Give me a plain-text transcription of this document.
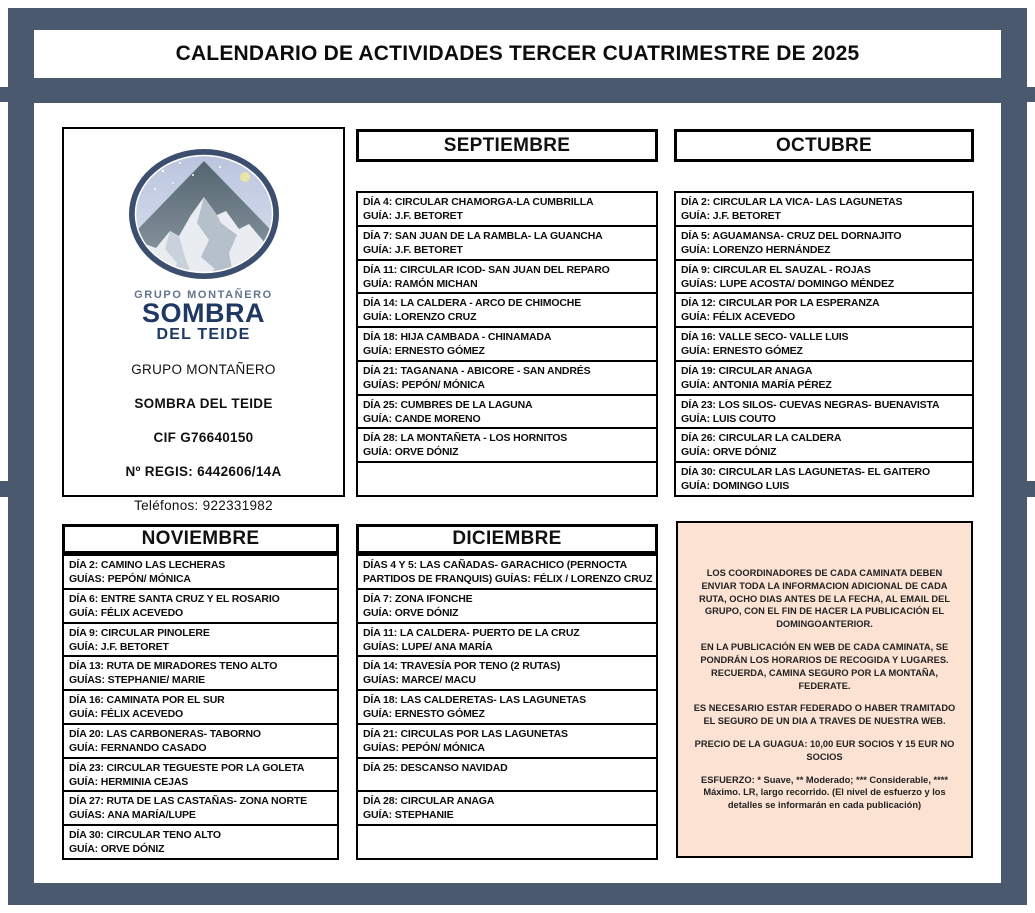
CALENDARIO DE ACTIVIDADES TERCER CUATRIMESTRE DE 2025
GRUPO MONTAÑERO
SOMBRA
DEL TEIDE
GRUPO MONTAÑERO
SOMBRA DEL TEIDE
CIF G76640150
Nº REGIS: 6442606/14A
Teléfonos: 922331982
SEPTIEMBRE	OCTUBRE
NOVIEMBRE	DICIEMBRE
DÍA 4: CIRCULAR CHAMORGA-LA CUMBRILLA
GUÍA: J.F. BETORET
DÍA 7: SAN JUAN DE LA RAMBLA- LA GUANCHA
GUÍA: J.F. BETORET
DÍA 11: CIRCULAR ICOD- SAN JUAN DEL REPARO
GUÍA: RAMÓN MICHAN
DÍA 14: LA CALDERA - ARCO DE CHIMOCHE
GUÍA: LORENZO CRUZ
DÍA 18: HIJA CAMBADA - CHINAMADA
GUÍA: ERNESTO GÓMEZ
DÍA 21: TAGANANA - ABICORE - SAN ANDRÉS
GUÍAS: PEPÓN/ MÓNICA
DÍA 25: CUMBRES DE LA LAGUNA
GUÍA: CANDE MORENO
DÍA 28: LA MONTAÑETA - LOS HORNITOS
GUÍA: ORVE DÓNIZ
DÍA 2: CIRCULAR LA VICA- LAS LAGUNETAS
GUÍA: J.F. BETORET
DÍA 5: AGUAMANSA- CRUZ DEL DORNAJITO
GUÍA: LORENZO HERNÁNDEZ
DÍA 9: CIRCULAR EL SAUZAL - ROJAS
GUÍAS: LUPE ACOSTA/ DOMINGO MÉNDEZ
DÍA 12: CIRCULAR POR LA ESPERANZA
GUÍA: FÉLIX ACEVEDO
DÍA 16: VALLE SECO- VALLE LUIS
GUÍA: ERNESTO GÓMEZ
DÍA 19: CIRCULAR ANAGA
GUÍA: ANTONIA MARÍA PÉREZ
DÍA 23: LOS SILOS- CUEVAS NEGRAS- BUENAVISTA
GUÍA: LUIS COUTO
DÍA 26: CIRCULAR LA CALDERA
GUÍA: ORVE DÓNIZ
DÍA 30: CIRCULAR LAS LAGUNETAS- EL GAITERO
GUÍA: DOMINGO LUIS
DÍA 2: CAMINO LAS LECHERAS
GUÍAS: PEPÓN/ MÓNICA
DÍA 6: ENTRE SANTA CRUZ Y EL ROSARIO
GUÍA: FÉLIX ACEVEDO
DÍA 9: CIRCULAR PINOLERE
GUÍA: J.F. BETORET
DÍA 13: RUTA DE MIRADORES TENO ALTO
GUÍAS: STEPHANIE/ MARIE
DÍA 16: CAMINATA POR EL SUR
GUÍA: FÉLIX ACEVEDO
DÍA 20: LAS CARBONERAS- TABORNO
GUÍA: FERNANDO CASADO
DÍA 23: CIRCULAR TEGUESTE POR LA GOLETA
GUÍA: HERMINIA CEJAS
DÍA 27: RUTA DE LAS CASTAÑAS- ZONA NORTE
GUÍAS: ANA MARÍA/LUPE
DÍA 30: CIRCULAR TENO ALTO
GUÍA: ORVE DÓNIZ
DÍAS 4 Y 5: LAS CAÑADAS- GARACHICO (PERNOCTA
PARTIDOS DE FRANQUIS) GUÍAS: FÉLIX / LORENZO CRUZ
DÍA 7: ZONA IFONCHE
GUÍA: ORVE DÓNIZ
DÍA 11: LA CALDERA- PUERTO DE LA CRUZ
GUÍAS: LUPE/ ANA MARÍA
DÍA 14: TRAVESÍA POR TENO (2 RUTAS)
GUÍAS: MARCE/ MACU
DÍA 18: LAS CALDERETAS- LAS LAGUNETAS
GUÍA: ERNESTO GÓMEZ
DÍA 21: CIRCULAS POR LAS LAGUNETAS
GUÍAS: PEPÓN/ MÓNICA
DÍA 25: DESCANSO NAVIDAD
DÍA 28: CIRCULAR ANAGA
GUÍA: STEPHANIE

LOS COORDINADORES DE CADA CAMINATA DEBEN ENVIAR TODA LA INFORMACION ADICIONAL DE CADA RUTA, OCHO DIAS ANTES DE LA FECHA, AL EMAIL DEL GRUPO, CON EL FIN DE HACER LA PUBLICACIÓN EL DOMINGOANTERIOR.

EN LA PUBLICACIÓN EN WEB DE CADA CAMINATA, SE PONDRÁN LOS HORARIOS DE RECOGIDA Y LUGARES. RECUERDA, CAMINA SEGURO POR LA MONTAÑA, FEDERATE.

ES NECESARIO ESTAR FEDERADO O HABER TRAMITADO EL SEGURO DE UN DIA A TRAVES DE NUESTRA WEB.

PRECIO DE LA GUAGUA: 10,00 EUR SOCIOS Y 15 EUR NO SOCIOS

ESFUERZO: * Suave, ** Moderado; *** Considerable, **** Máximo. LR, largo recorrido. (El nivel de esfuerzo y los detalles se informarán en cada publicación)
